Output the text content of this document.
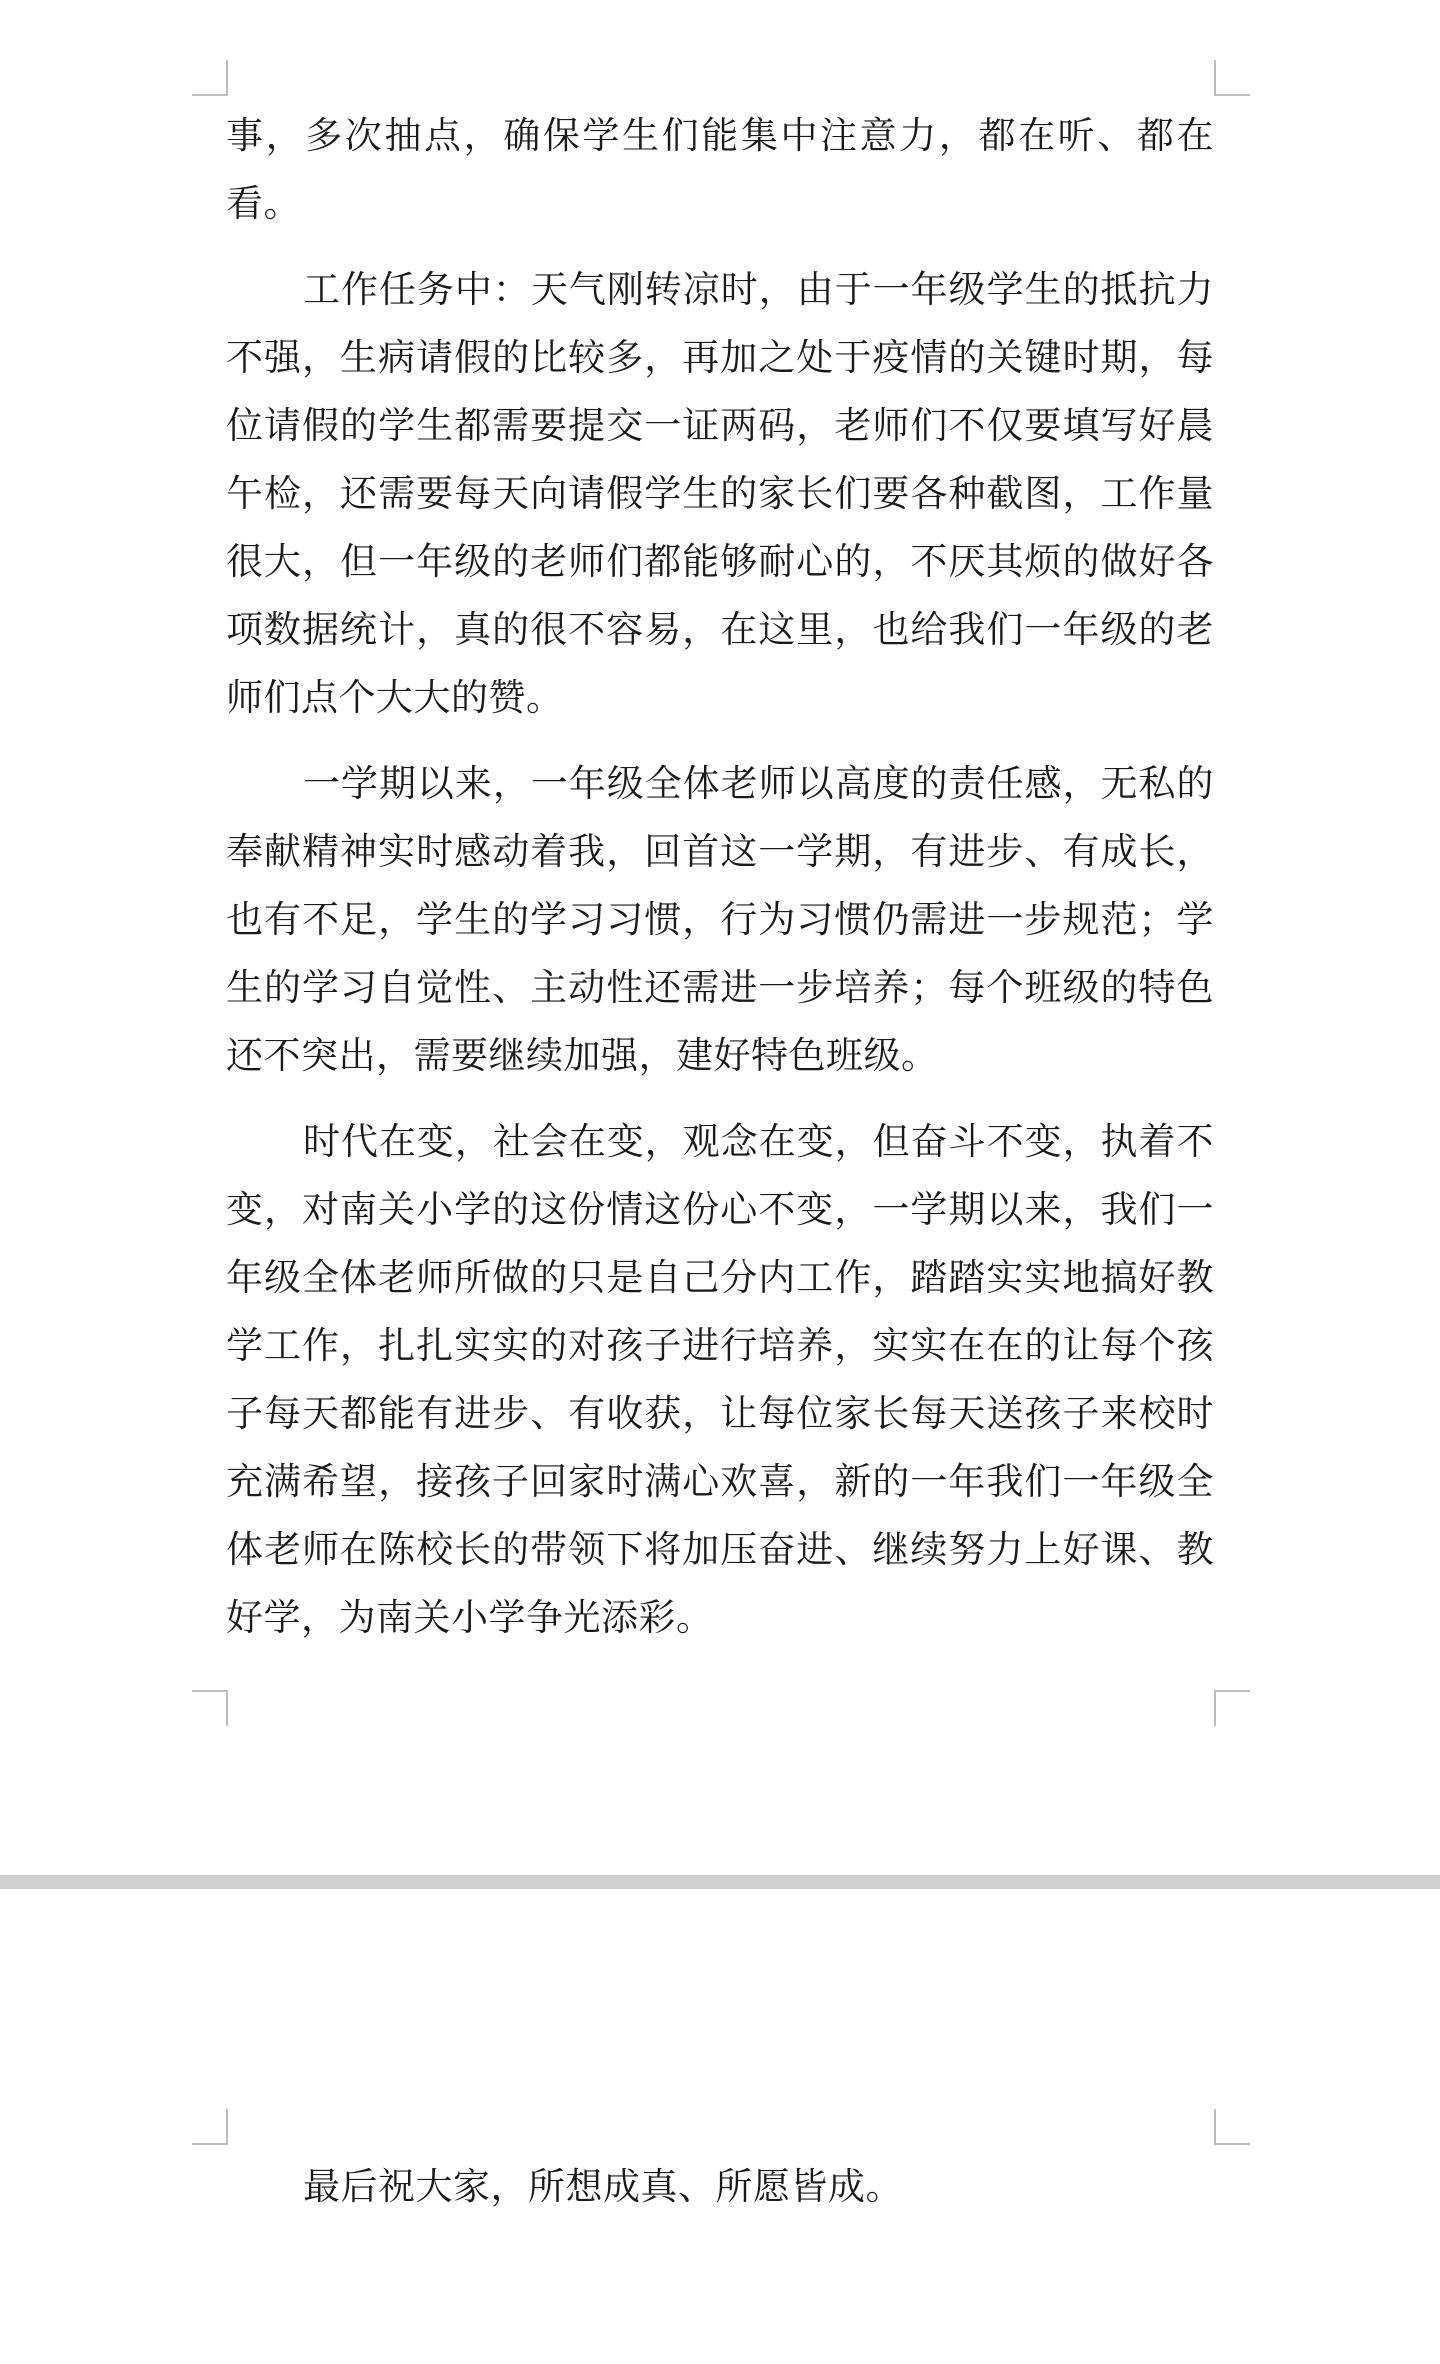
事，多次抽点，确保学生们能集中注意力，都在听、都在看。

工作任务中：天气刚转凉时，由于一年级学生的抵抗力不强，生病请假的比较多，再加之处于疫情的关键时期，每位请假的学生都需要提交一证两码，老师们不仅要填写好晨午检，还需要每天向请假学生的家长们要各种截图，工作量很大，但一年级的老师们都能够耐心的，不厌其烦的做好各项数据统计，真的很不容易，在这里，也给我们一年级的老师们点个大大的赞。

一学期以来，一年级全体老师以高度的责任感，无私的奉献精神实时感动着我，回首这一学期，有进步、有成长，也有不足，学生的学习习惯，行为习惯仍需进一步规范；学生的学习自觉性、主动性还需进一步培养；每个班级的特色还不突出，需要继续加强，建好特色班级。

时代在变，社会在变，观念在变，但奋斗不变，执着不变，对南关小学的这份情这份心不变，一学期以来，我们一年级全体老师所做的只是自己分内工作，踏踏实实地搞好教学工作，扎扎实实的对孩子进行培养，实实在在的让每个孩子每天都能有进步、有收获，让每位家长每天送孩子来校时充满希望，接孩子回家时满心欢喜，新的一年我们一年级全体老师在陈校长的带领下将加压奋进、继续努力上好课、教好学，为南关小学争光添彩。

最后祝大家，所想成真、所愿皆成。
